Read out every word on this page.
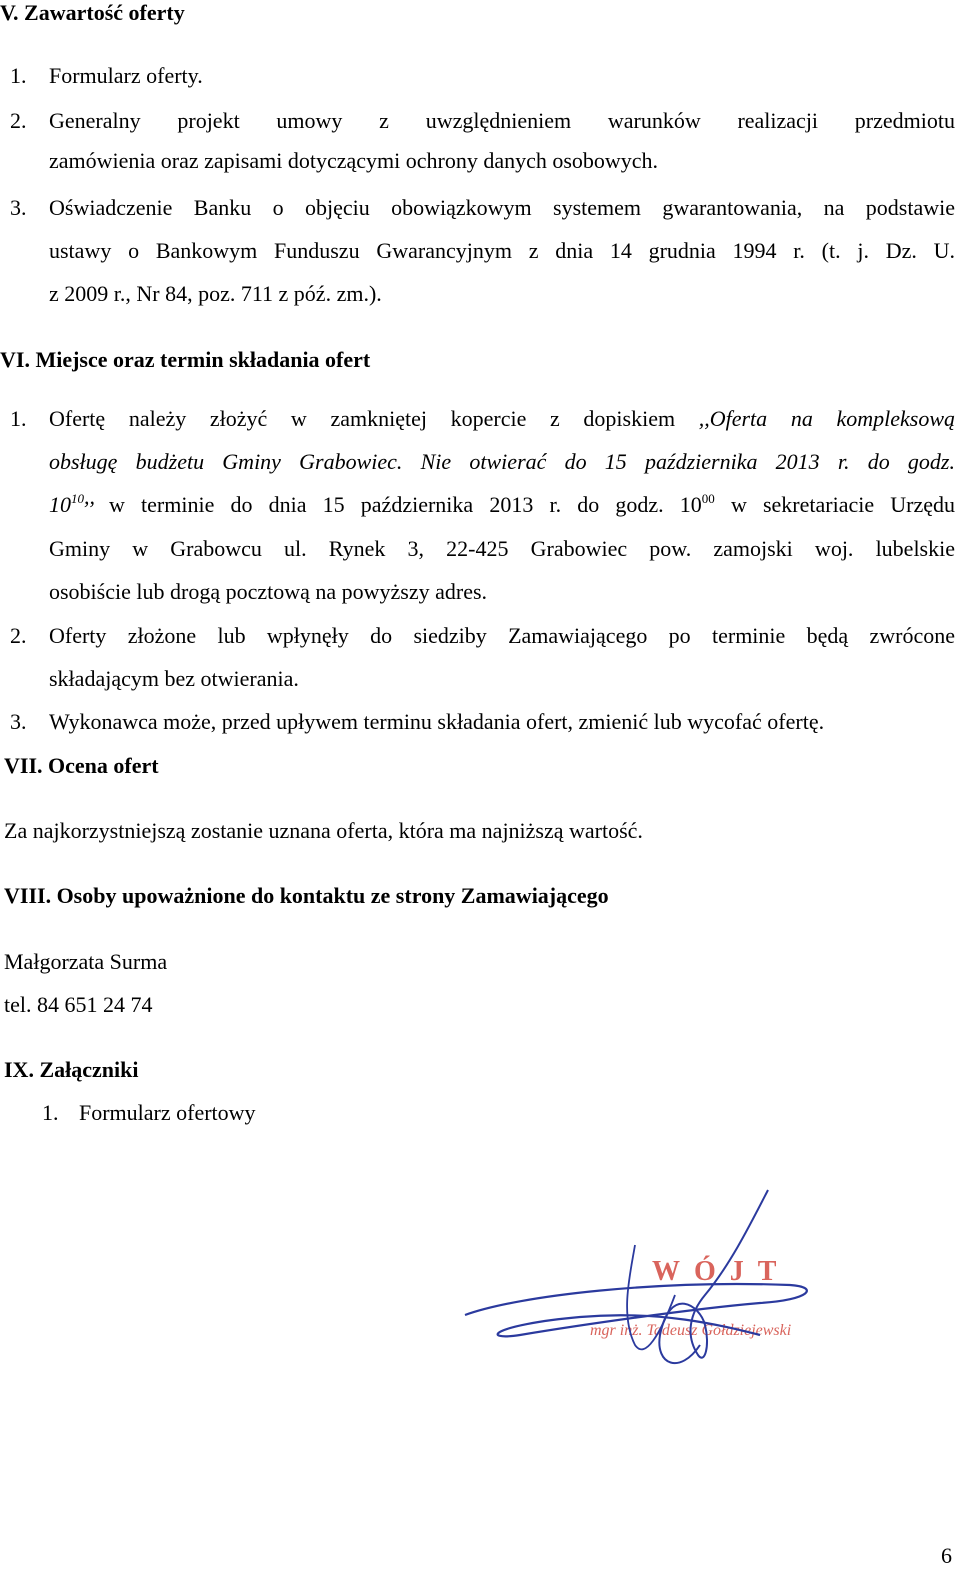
V. Zawartość oferty
1. Formularz oferty.
2. Generalny projekt umowy z uwzględnieniem warunków realizacji przedmiotu
zamówienia oraz zapisami dotyczącymi ochrony danych osobowych.
3. Oświadczenie Banku o objęciu obowiązkowym systemem gwarantowania, na podstawie
ustawy o Bankowym Funduszu Gwarancyjnym z dnia 14 grudnia 1994 r. (t. j. Dz. U.
z 2009 r., Nr 84, poz. 711 z póź. zm.).
VI. Miejsce oraz termin składania ofert
1. Ofertę należy złożyć w zamkniętej kopercie z dopiskiem ,,Oferta na kompleksową
obsługę budżetu Gminy Grabowiec. Nie otwierać do 15 października 2013 r. do godz.
$10^{10}$,, w terminie do dnia 15 października 2013 r. do godz. $10^{00}$ w sekretariacie Urzędu
Gminy w Grabowcu ul. Rynek 3, 22-425 Grabowiec pow. zamojski woj. lubelskie
osobiście lub drogą pocztową na powyższy adres.
2. Oferty złożone lub wpłynęły do siedziby Zamawiającego po terminie będą zwrócone
składającym bez otwierania.
3. Wykonawca może, przed upływem terminu składania ofert, zmienić lub wycofać ofertę.
VII. Ocena ofert
Za najkorzystniejszą zostanie uznana oferta, która ma najniższą wartość.
VIII. Osoby upoważnione do kontaktu ze strony Zamawiającego
Małgorzata Surma
tel. 84 651 24 74
IX. Załączniki
1. Formularz ofertowy
WÓJT
mgr inż. Tadeusz Gołdziejewski
6
